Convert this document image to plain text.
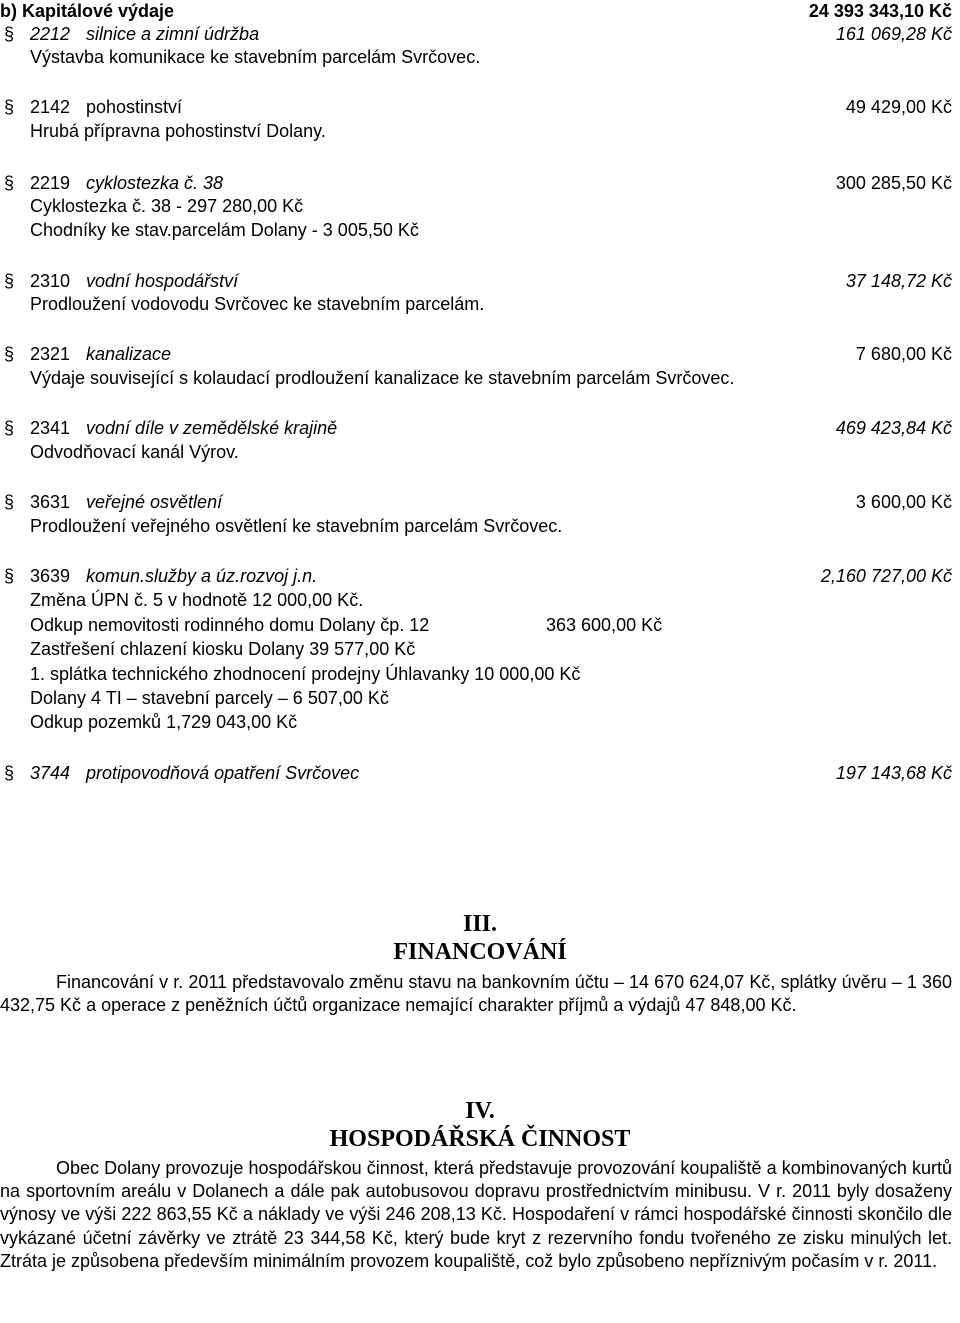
b) Kapitálové výdaje	24 393 343,10 Kč
§ 2212 silnice a zimní údržba	161 069,28 Kč
Výstavba komunikace ke stavebním parcelám Svrčovec.
§ 2142 pohostinství	49 429,00 Kč
Hrubá přípravna pohostinství Dolany.
§ 2219 cyklostezka č. 38	300 285,50 Kč
Cyklostezka č. 38 - 297 280,00 Kč
Chodníky ke stav.parcelám Dolany - 3 005,50 Kč
§ 2310 vodní hospodářství	37 148,72 Kč
Prodloužení vodovodu Svrčovec ke stavebním parcelám.
§ 2321 kanalizace	7 680,00 Kč
Výdaje související s kolaudací prodloužení kanalizace ke stavebním parcelám Svrčovec.
§ 2341 vodní díle v zemědělské krajině	469 423,84 Kč
Odvodňovací kanál Výrov.
§ 3631 veřejné osvětlení	3 600,00 Kč
Prodloužení veřejného osvětlení ke stavebním parcelám Svrčovec.
§ 3639 komun.služby a úz.rozvoj j.n.	2,160 727,00 Kč
Změna ÚPN č. 5 v hodnotě 12 000,00 Kč.
Odkup nemovitosti rodinného domu Dolany čp. 12	363 600,00 Kč
Zastřešení chlazení kiosku Dolany 39 577,00 Kč
1. splátka technického zhodnocení prodejny Úhlavanky 10 000,00 Kč
Dolany 4 TI – stavební parcely – 6 507,00 Kč
Odkup pozemků 1,729 043,00 Kč
§ 3744 protipovodňová opatření Svrčovec	197 143,68 Kč
III.
FINANCOVÁNÍ
Financování v r. 2011 představovalo změnu stavu na bankovním účtu – 14 670 624,07 Kč, splátky úvěru – 1 360 432,75 Kč a operace z peněžních účtů organizace nemající charakter příjmů a výdajů 47 848,00 Kč.
IV.
HOSPODÁŘSKÁ ČINNOST
Obec Dolany provozuje hospodářskou činnost, která představuje provozování koupaliště a kombinovaných kurtů na sportovním areálu v Dolanech a dále pak autobusovou dopravu prostřednictvím minibusu. V r. 2011 byly dosaženy výnosy ve výši 222 863,55 Kč a náklady ve výši 246 208,13 Kč. Hospodaření v rámci hospodářské činnosti skončilo dle vykázané účetní závěrky ve ztrátě 23 344,58 Kč, který bude kryt z rezervního fondu tvořeného ze zisku minulých let. Ztráta je způsobena především minimálním provozem koupaliště, což bylo způsobeno nepříznivým počasím v r. 2011.
